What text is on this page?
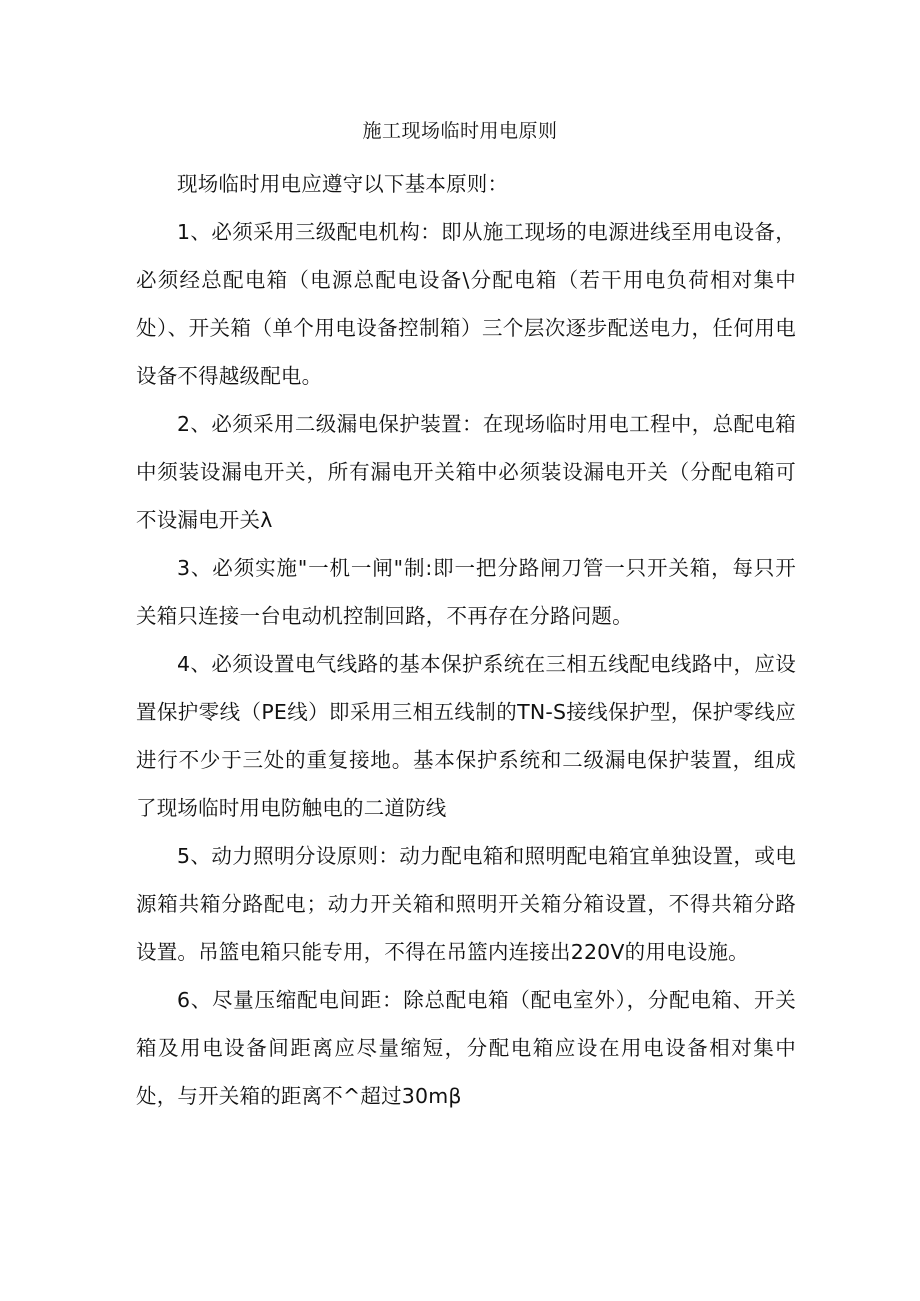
施工现场临时用电原则

现场临时用电应遵守以下基本原则：

1、必须采用三级配电机构：即从施工现场的电源进线至用电设备，必须经总配电箱（电源总配电设备\分配电箱（若干用电负荷相对集中处）、开关箱（单个用电设备控制箱）三个层次逐步配送电力，任何用电设备不得越级配电。

2、必须采用二级漏电保护装置：在现场临时用电工程中，总配电箱中须装设漏电开关，所有漏电开关箱中必须装设漏电开关（分配电箱可不设漏电开关λ

3、必须实施"一机一闸"制:即一把分路闸刀管一只开关箱，每只开关箱只连接一台电动机控制回路，不再存在分路问题。

4、必须设置电气线路的基本保护系统在三相五线配电线路中，应设置保护零线（PE线）即采用三相五线制的TN-S接线保护型，保护零线应进行不少于三处的重复接地。基本保护系统和二级漏电保护装置，组成了现场临时用电防触电的二道防线

5、动力照明分设原则：动力配电箱和照明配电箱宜单独设置，或电源箱共箱分路配电；动力开关箱和照明开关箱分箱设置，不得共箱分路设置。吊篮电箱只能专用，不得在吊篮内连接出220V的用电设施。

6、尽量压缩配电间距：除总配电箱（配电室外），分配电箱、开关箱及用电设备间距离应尽量缩短，分配电箱应设在用电设备相对集中处，与开关箱的距离不^超过30mβ
